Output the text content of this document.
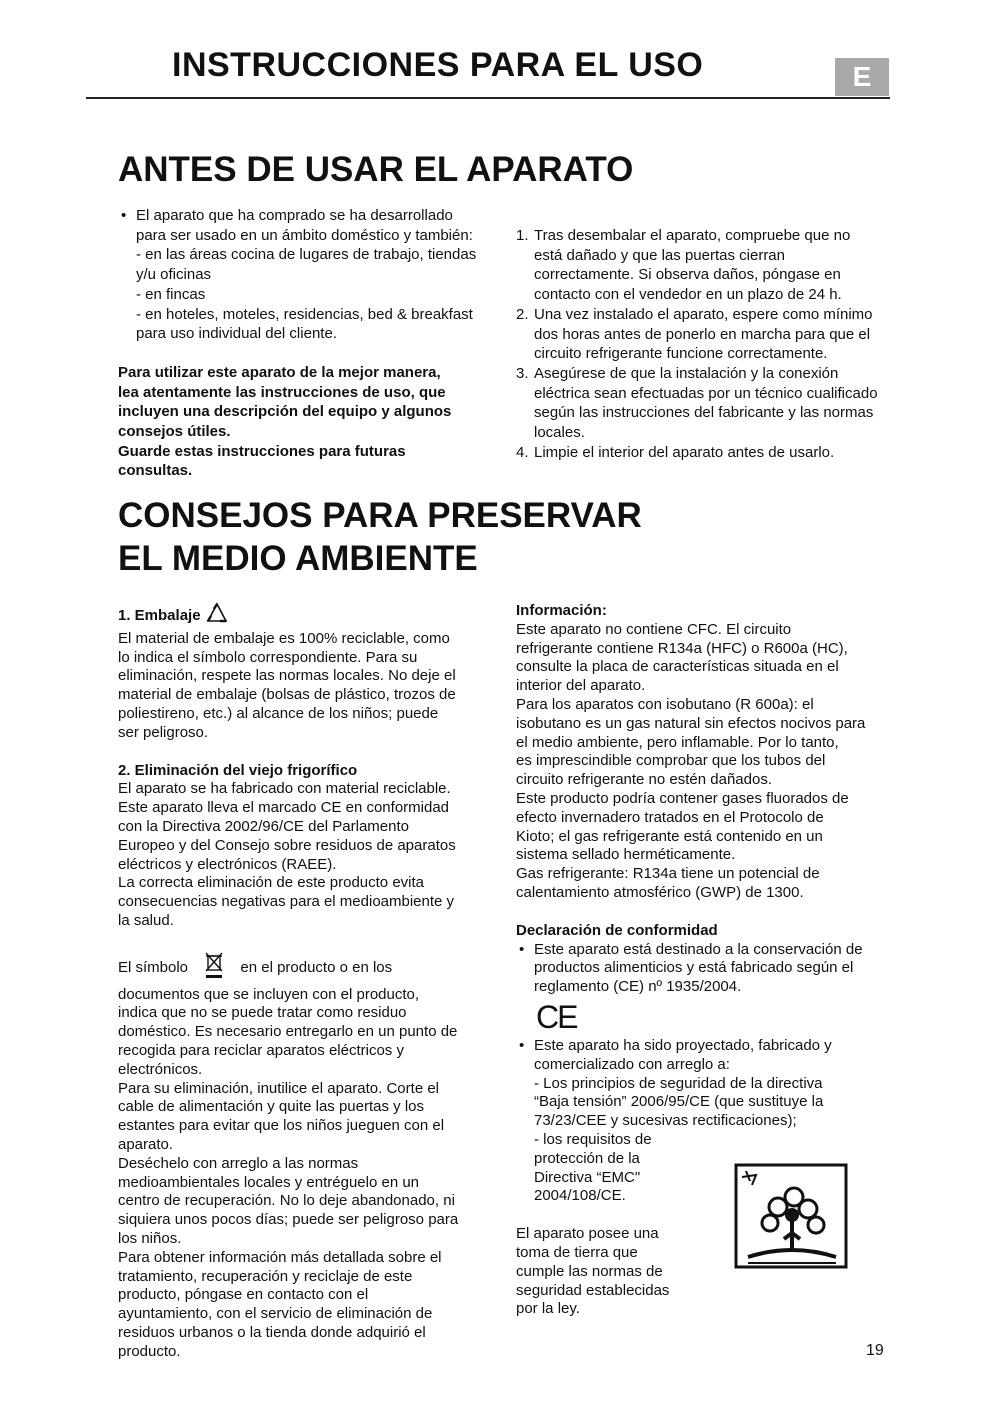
INSTRUCCIONES PARA EL USO	E
ANTES DE USAR EL APARATO
• El aparato que ha comprado se ha desarrollado
para ser usado en un ámbito doméstico y también:
- en las áreas cocina de lugares de trabajo, tiendas
y/u oficinas
- en fincas
- en hoteles, moteles, residencias, bed & breakfast
para uso individual del cliente.
Para utilizar este aparato de la mejor manera,
lea atentamente las instrucciones de uso, que
incluyen una descripción del equipo y algunos
consejos útiles.
Guarde estas instrucciones para futuras
consultas.
1. Tras desembalar el aparato, compruebe que no
está dañado y que las puertas cierran
correctamente. Si observa daños, póngase en
contacto con el vendedor en un plazo de 24 h.
2. Una vez instalado el aparato, espere como mínimo
dos horas antes de ponerlo en marcha para que el
circuito refrigerante funcione correctamente.
3. Asegúrese de que la instalación y la conexión
eléctrica sean efectuadas por un técnico cualificado
según las instrucciones del fabricante y las normas
locales.
4. Limpie el interior del aparato antes de usarlo.
CONSEJOS PARA PRESERVAR
EL MEDIO AMBIENTE
1. Embalaje
El material de embalaje es 100% reciclable, como
lo indica el símbolo correspondiente. Para su
eliminación, respete las normas locales. No deje el
material de embalaje (bolsas de plástico, trozos de
poliestireno, etc.) al alcance de los niños; puede
ser peligroso.
2. Eliminación del viejo frigorífico
El aparato se ha fabricado con material reciclable.
Este aparato lleva el marcado CE en conformidad
con la Directiva 2002/96/CE del Parlamento
Europeo y del Consejo sobre residuos de aparatos
eléctricos y electrónicos (RAEE).
La correcta eliminación de este producto evita
consecuencias negativas para el medioambiente y
la salud.
El símbolo	en el producto o en los
documentos que se incluyen con el producto,
indica que no se puede tratar como residuo
doméstico. Es necesario entregarlo en un punto de
recogida para reciclar aparatos eléctricos y
electrónicos.
Para su eliminación, inutilice el aparato. Corte el
cable de alimentación y quite las puertas y los
estantes para evitar que los niños jueguen con el
aparato.
Deséchelo con arreglo a las normas
medioambientales locales y entréguelo en un
centro de recuperación. No lo deje abandonado, ni
siquiera unos pocos días; puede ser peligroso para
los niños.
Para obtener información más detallada sobre el
tratamiento, recuperación y reciclaje de este
producto, póngase en contacto con el
ayuntamiento, con el servicio de eliminación de
residuos urbanos o la tienda donde adquirió el
producto.
Información:
Este aparato no contiene CFC. El circuito
refrigerante contiene R134a (HFC) o R600a (HC),
consulte la placa de características situada en el
interior del aparato.
Para los aparatos con isobutano (R 600a): el
isobutano es un gas natural sin efectos nocivos para
el medio ambiente, pero inflamable. Por lo tanto,
es imprescindible comprobar que los tubos del
circuito refrigerante no estén dañados.
Este producto podría contener gases fluorados de
efecto invernadero tratados en el Protocolo de
Kioto; el gas refrigerante está contenido en un
sistema sellado herméticamente.
Gas refrigerante: R134a tiene un potencial de
calentamiento atmosférico (GWP) de 1300.
Declaración de conformidad
• Este aparato está destinado a la conservación de
productos alimenticios y está fabricado según el
reglamento (CE) nº 1935/2004.
CE
• Este aparato ha sido proyectado, fabricado y
comercializado con arreglo a:
- Los principios de seguridad de la directiva
“Baja tensión” 2006/95/CE (que sustituye la
73/23/CEE y sucesivas rectificaciones);
- los requisitos de
protección de la
Directiva “EMC"
2004/108/CE.
El aparato posee una
toma de tierra que
cumple las normas de
seguridad establecidas
por la ley.
19
